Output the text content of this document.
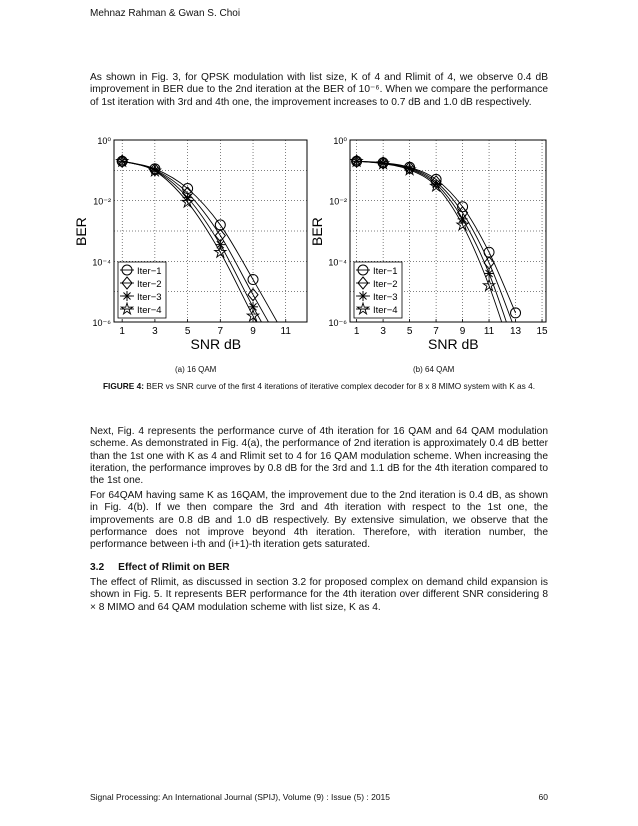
Mehnaz Rahman & Gwan S. Choi

As shown in Fig. 3, for QPSK modulation with list size, K of 4 and Rlimit of 4, we observe 0.4 dB improvement in BER due to the 2nd iteration at the BER of 10⁻⁶. When we compare the performance of 1st iteration with 3rd and 4th one, the improvement increases to 0.7 dB and 1.0 dB respectively.

1	3	5	7	9 11
10⁰
10⁻²
10⁻⁴
10⁻⁶
SNR dB
BER
Iter−1
Iter−2
Iter−3
Iter−4
1 3 5 7 9 11 13 15
10⁰
10⁻²
10⁻⁴
10⁻⁶
SNR dB
BER
Iter−1
Iter−2
Iter−3
Iter−4
(a) 16 QAM	(b) 64 QAM
FIGURE 4: BER vs SNR curve of the first 4 iterations of iterative complex decoder for 8 x 8 MIMO system with K as 4.

Next, Fig. 4 represents the performance curve of 4th iteration for 16 QAM and 64 QAM modulation scheme. As demonstrated in Fig. 4(a), the performance of 2nd iteration is approximately 0.4 dB better than the 1st one with K as 4 and Rlimit set to 4 for 16 QAM modulation scheme. When increasing the iteration, the performance improves by 0.8 dB for the 3rd and 1.1 dB for the 4th iteration compared to the 1st one.

For 64QAM having same K as 16QAM, the improvement due to the 2nd iteration is 0.4 dB, as shown in Fig. 4(b). If we then compare the 3rd and 4th iteration with respect to the 1st one, the improvements are 0.8 dB and 1.0 dB respectively. By extensive simulation, we observe that the performance does not improve beyond 4th iteration. Therefore, with iteration number, the performance between i-th and (i+1)-th iteration gets saturated.

3.2 Effect of Rlimit on BER

The effect of Rlimit, as discussed in section 3.2 for proposed complex on demand child expansion is shown in Fig. 5. It represents BER performance for the 4th iteration over different SNR considering 8 × 8 MIMO and 64 QAM modulation scheme with list size, K as 4.

Signal Processing: An International Journal (SPIJ), Volume (9) : Issue (5) : 2015	60
